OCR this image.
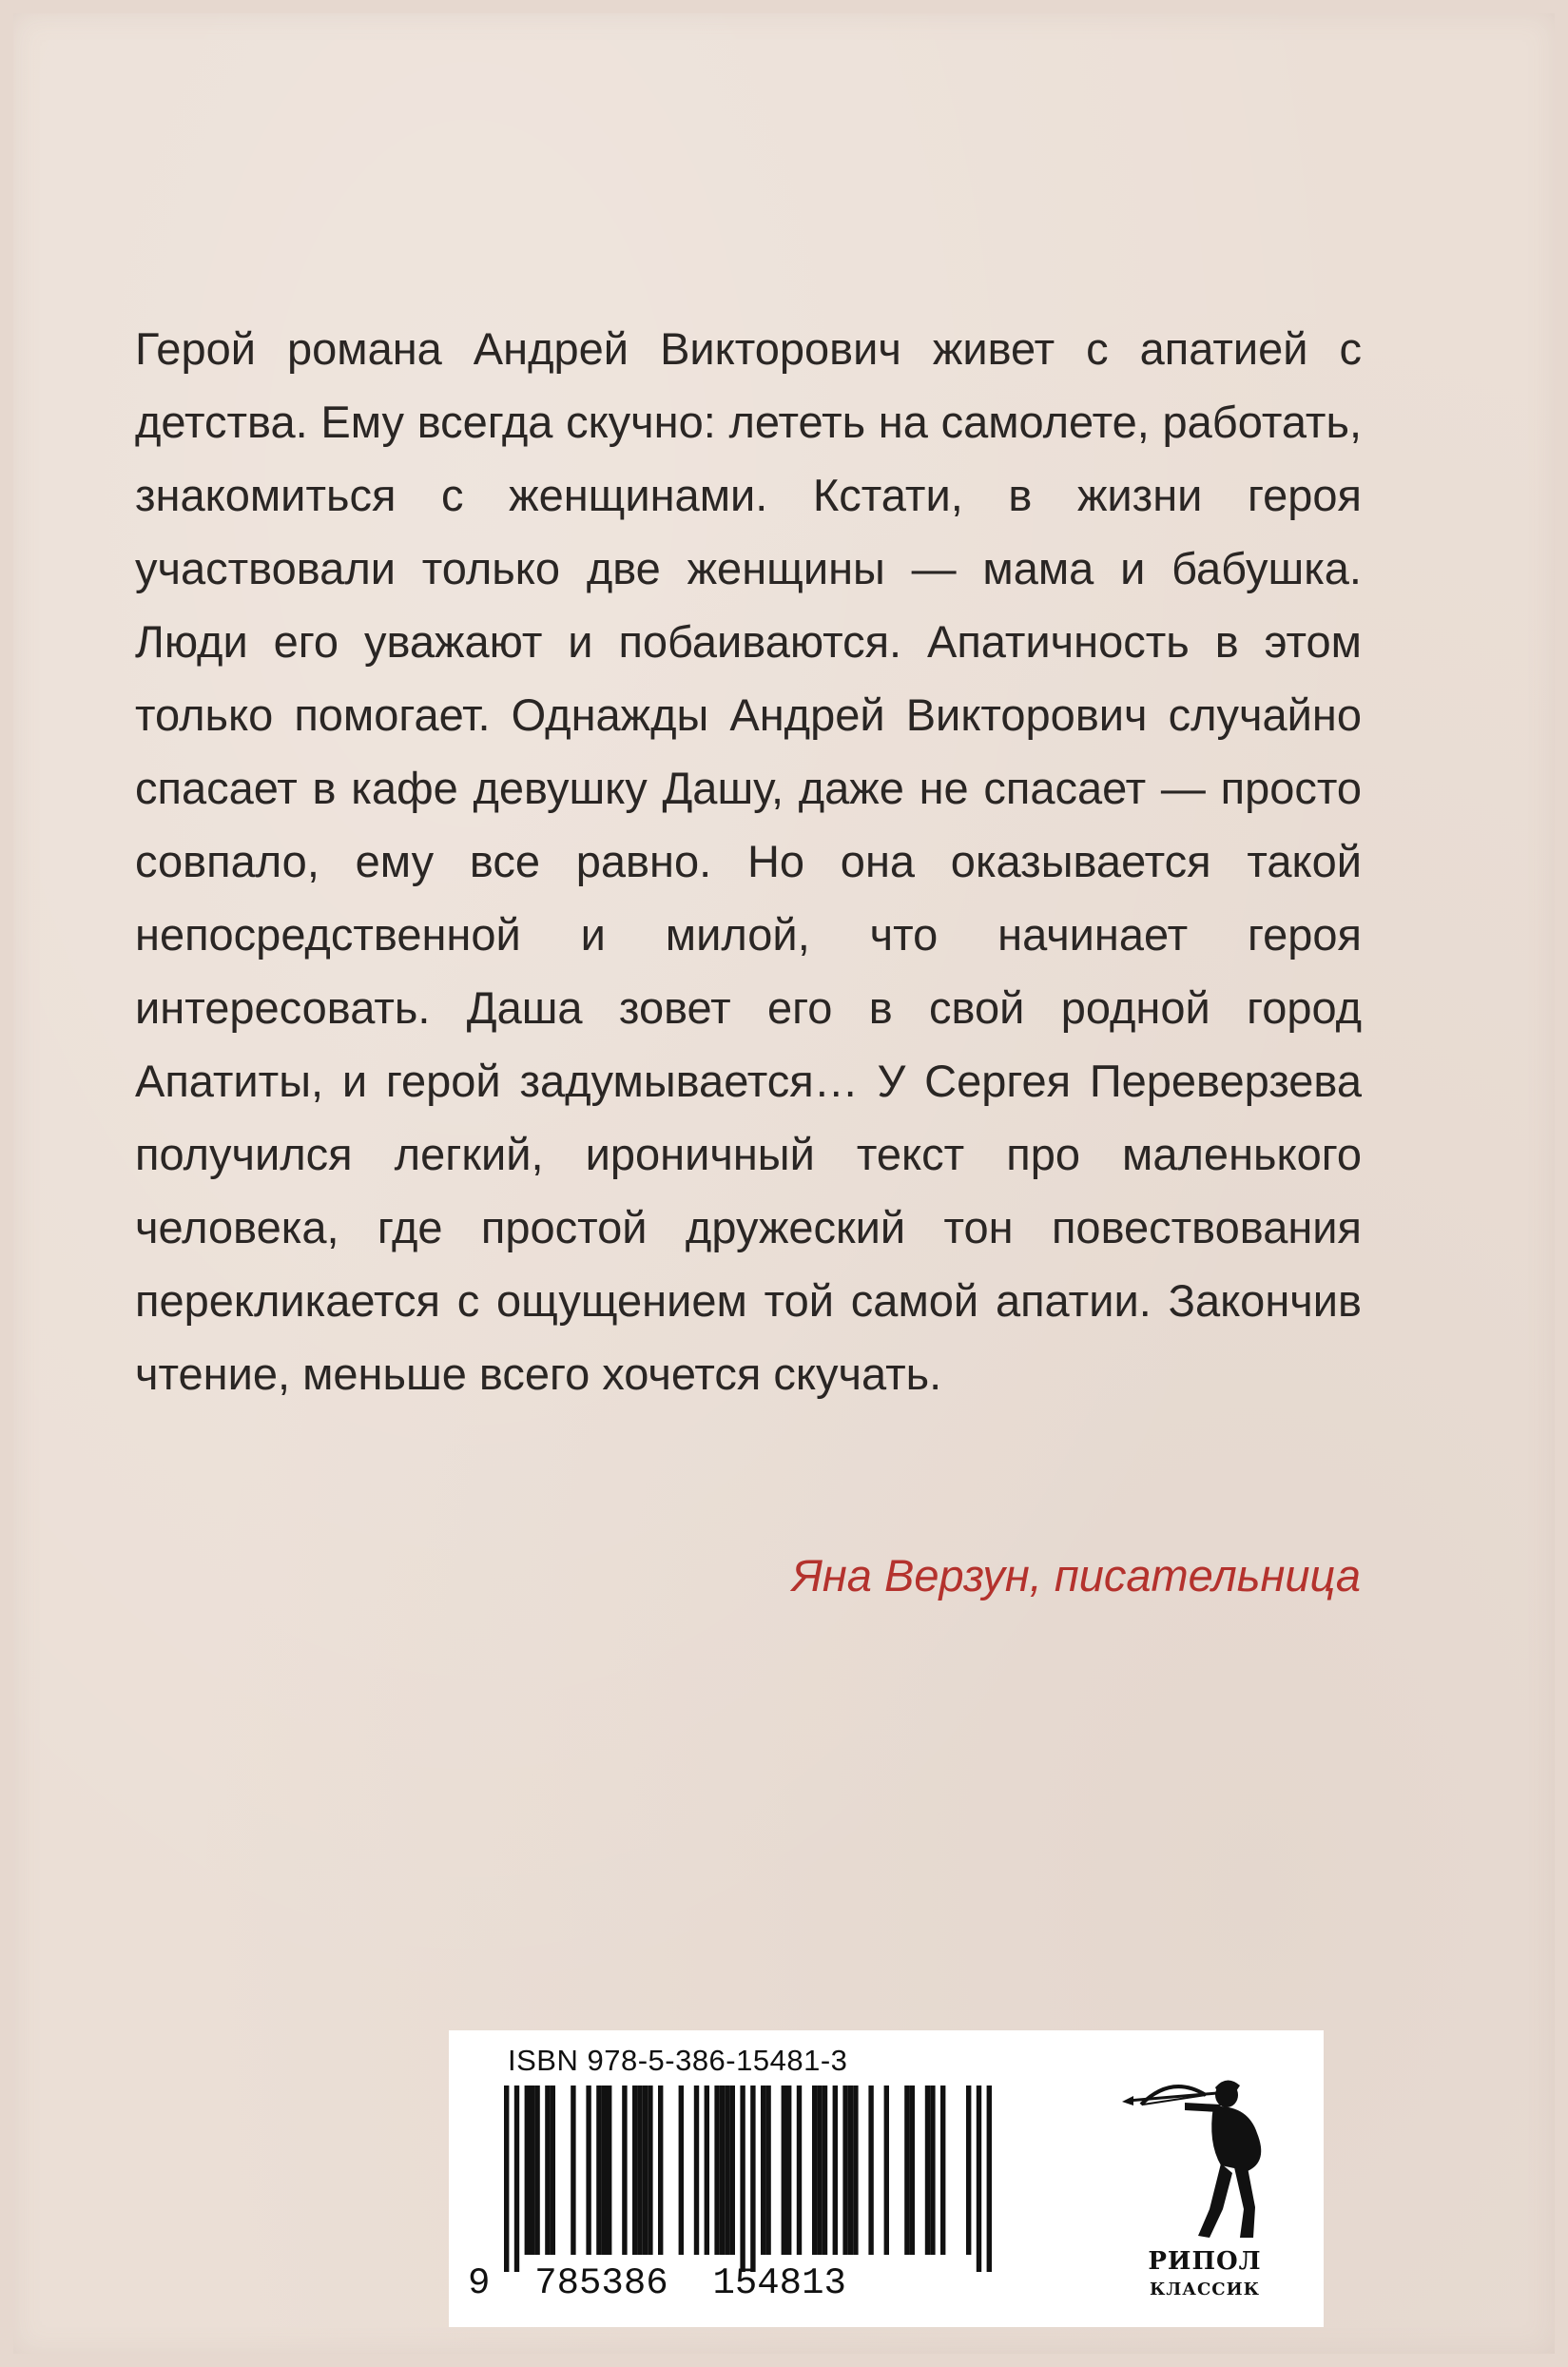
Герой романа Андрей Викторович живет с апатией с детства. Ему всегда скучно: лететь на самолете, работать, знакомиться с женщинами. Кстати, в жизни героя участвовали только две женщины — мама и бабушка. Люди его уважают и побаиваются. Апатичность в этом только помогает. Однажды Андрей Викторович случайно спасает в кафе девушку Дашу, даже не спасает — просто совпало, ему все равно. Но она оказывается такой непосредственной и милой, что начинает героя интересовать. Даша зовет его в свой родной город Апатиты, и герой задумывается… У Сергея Переверзева получился легкий, ироничный текст про маленького человека, где простой дружеский тон повествования перекликается с ощущением той самой апатии. Закончив чтение, меньше всего хочется скучать.

Яна Верзун, писательница
ISBN 978-5-386-15481-3
9 785386 154813
РИПОЛ
КЛАССИК
